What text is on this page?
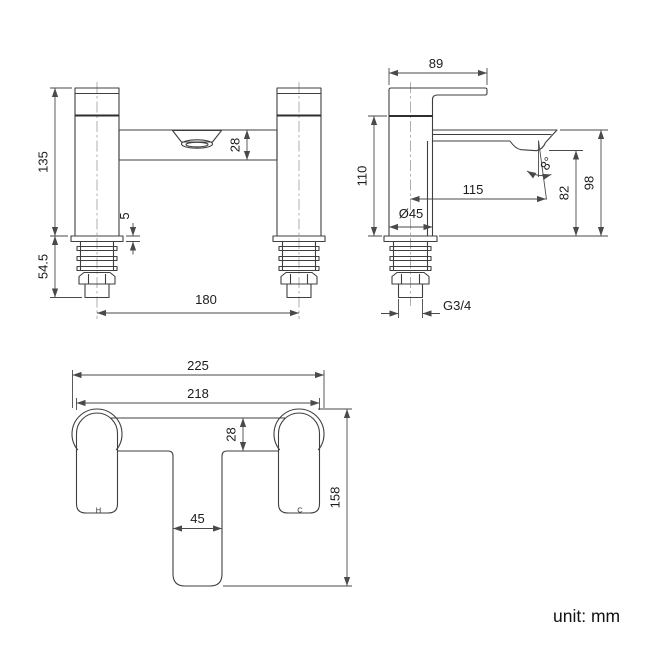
135
54.5
5
28
180
8°
89
110
115	82
98
Ø45
G3/4
H	C
225
218
28
45
158
unit: mm
